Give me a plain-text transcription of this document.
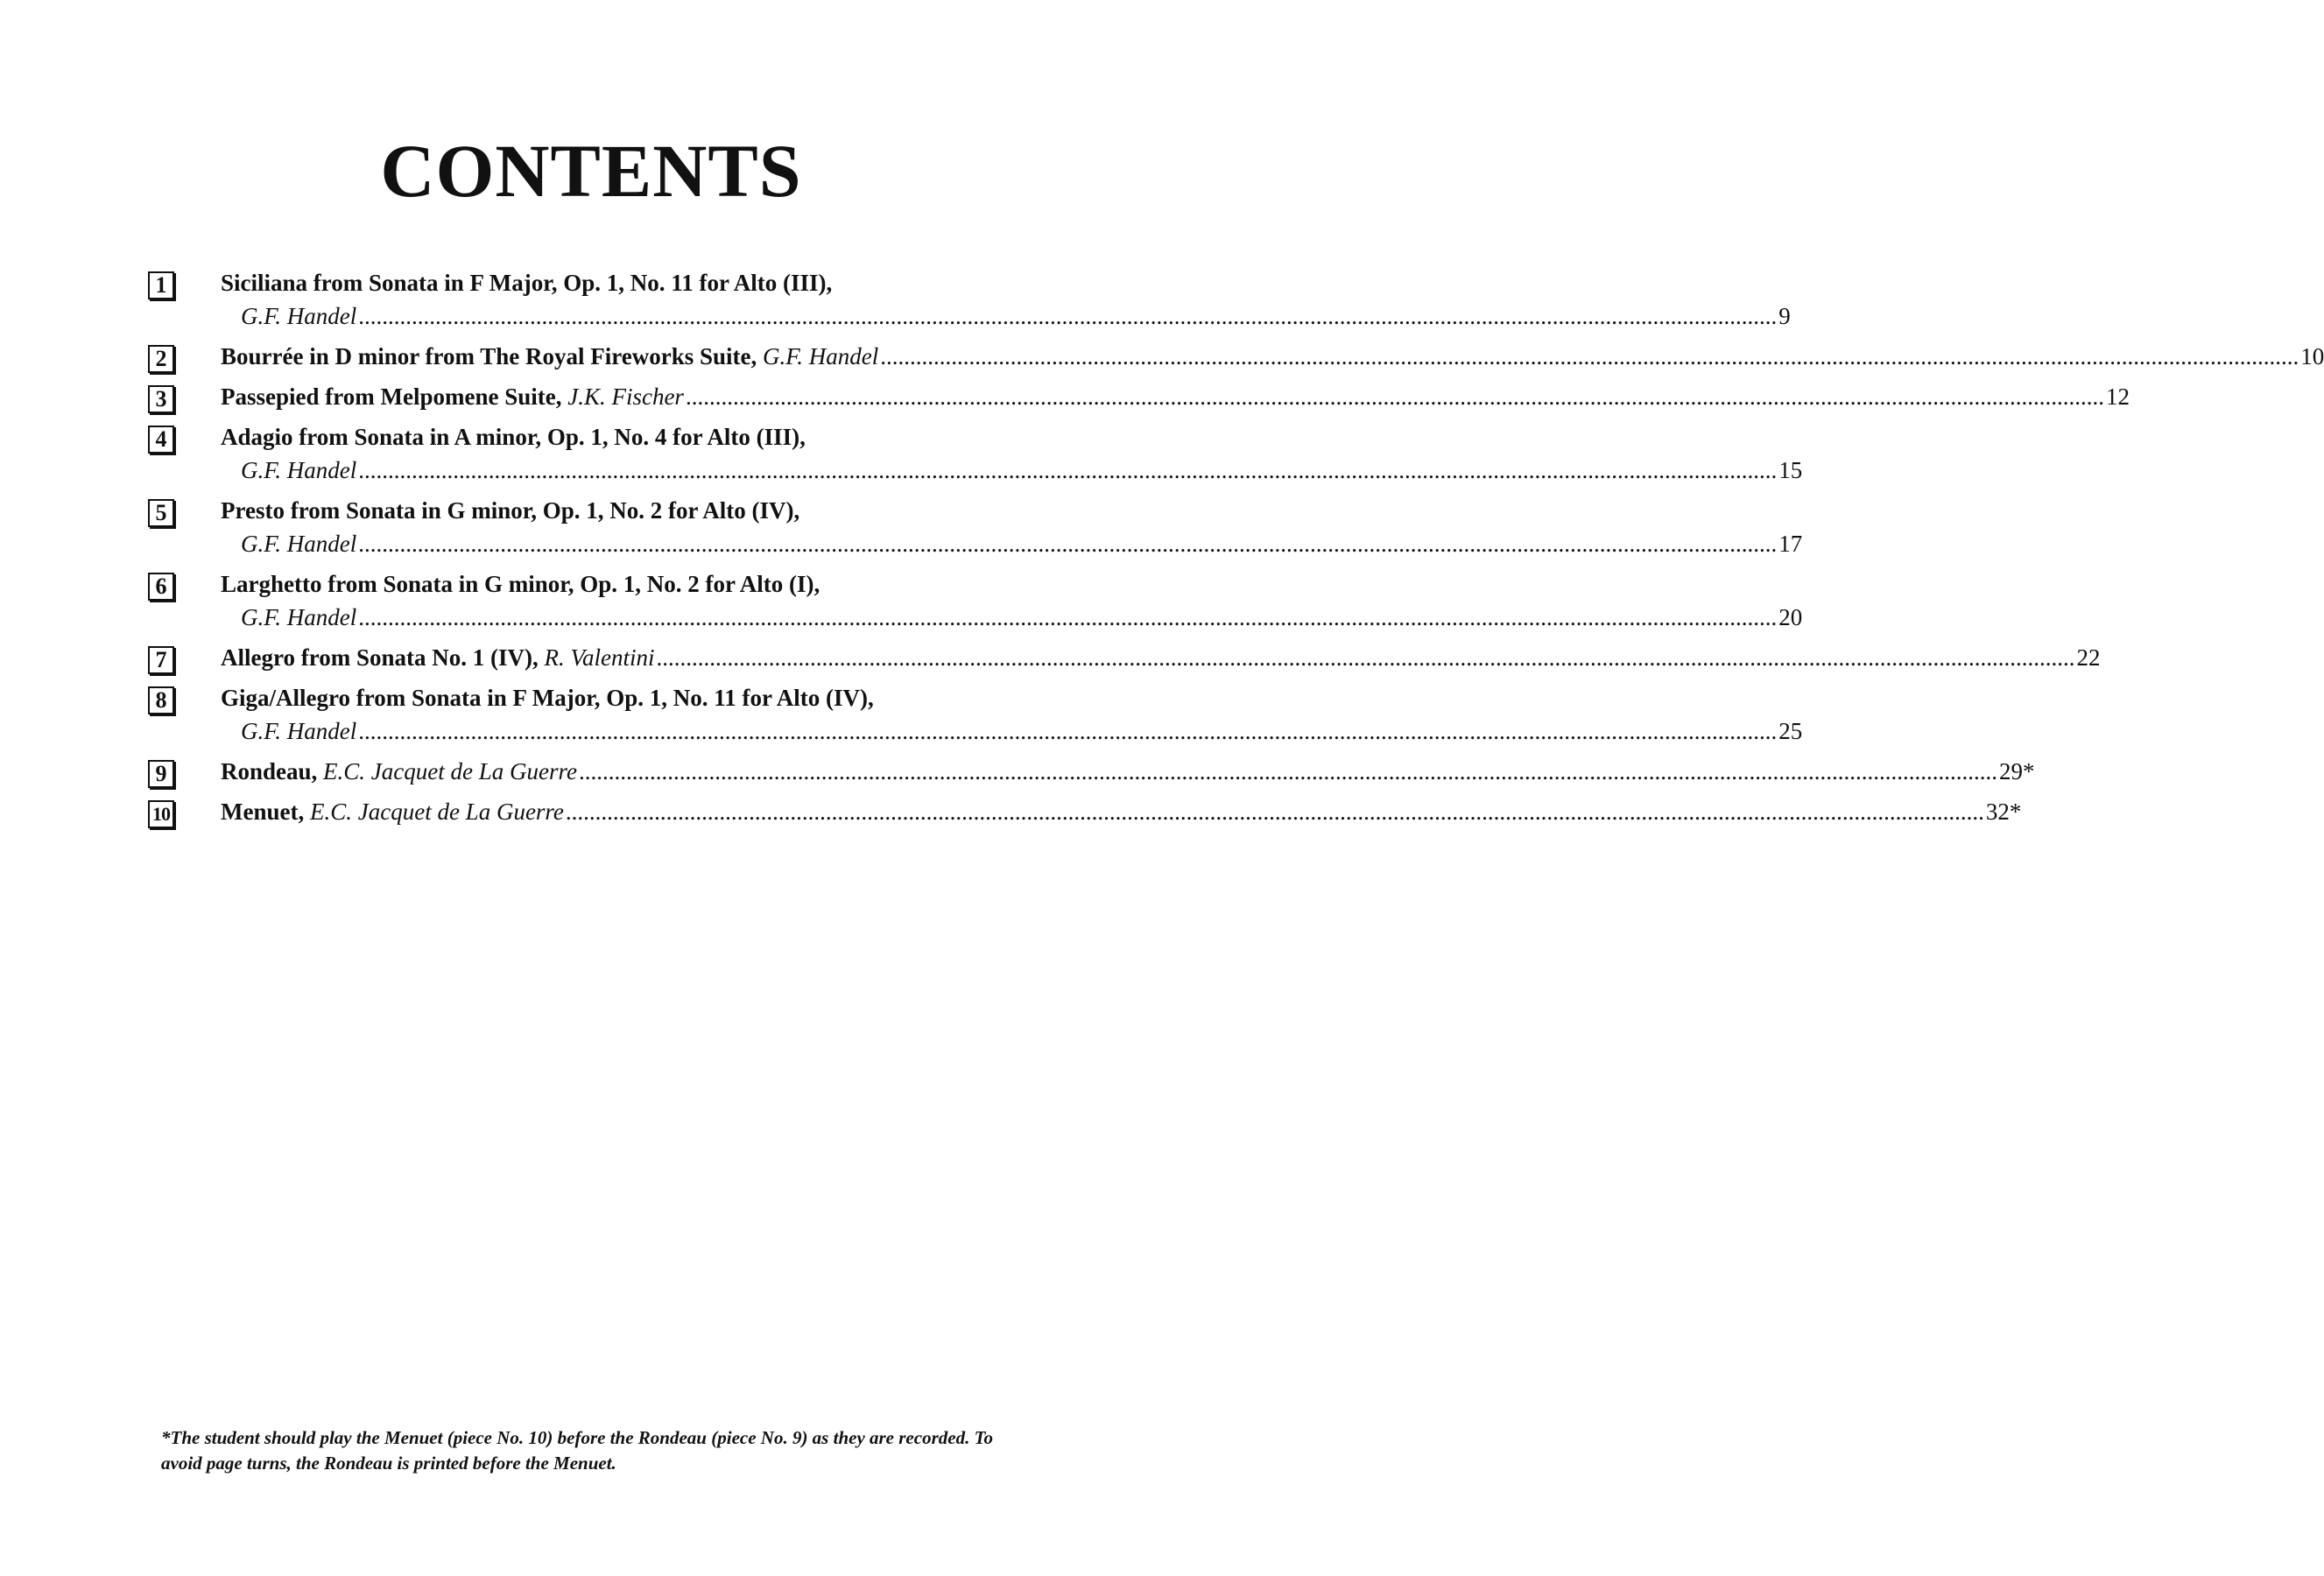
CONTENTS
1	Siciliana from Sonata in F Major, Op. 1, No. 11 for Alto (III),
G.F. Handel .....	9
2	Bourrée in D minor from The Royal Fireworks Suite,
G.F. Handel .....	10
3	Passepied from Melpomene Suite,
J.K. Fischer .....	12
4	Adagio from Sonata in A minor, Op. 1, No. 4 for Alto (III),
G.F. Handel .....	15
5	Presto from Sonata in G minor, Op. 1, No. 2 for Alto (IV),
G.F. Handel .....	17
6	Larghetto from Sonata in G minor, Op. 1, No. 2 for Alto (I),
G.F. Handel .....	20
7	Allegro from Sonata No. 1 (IV),
R. Valentini .....	22
8	Giga/Allegro from Sonata in F Major, Op. 1, No. 11 for Alto (IV),
G.F. Handel .....	25
9	Rondeau,
E.C. Jacquet de La Guerre .....	29*
10 Menuet,
E.C. Jacquet de La Guerre .....	32*

*The student should play the Menuet (piece No. 10) before the Rondeau (piece No. 9) as they are recorded. To avoid page turns, the Rondeau is printed before the Menuet.
